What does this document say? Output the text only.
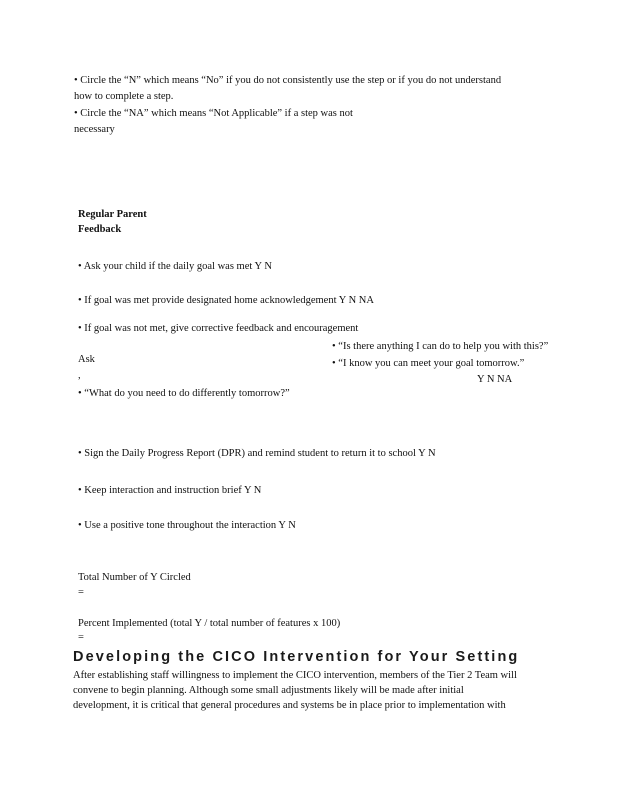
• Circle the “N” which means “No” if you do not consistently use the step or if you do not understand
how to complete a step.
• Circle the “NA” which means “Not Applicable” if a step was not
necessary
Regular Parent
Feedback
• Ask your child if the daily goal was met Y N
• If goal was met provide designated home acknowledgement Y N NA
• If goal was not met, give corrective feedback and encouragement
• “Is there anything I can do to help you with this?”
Ask	• “I know you can meet your goal tomorrow.”
,	Y N NA
• “What do you need to do differently tomorrow?”
• Sign the Daily Progress Report (DPR) and remind student to return it to school Y N
• Keep interaction and instruction brief Y N
• Use a positive tone throughout the interaction Y N
Total Number of Y Circled
=
Percent Implemented (total Y / total number of features x 100)
=
Developing the CICO Intervention for Your Setting
After establishing staff willingness to implement the CICO intervention, members of the Tier 2 Team will
convene to begin planning. Although some small adjustments likely will be made after initial
development, it is critical that general procedures and systems be in place prior to implementation with
